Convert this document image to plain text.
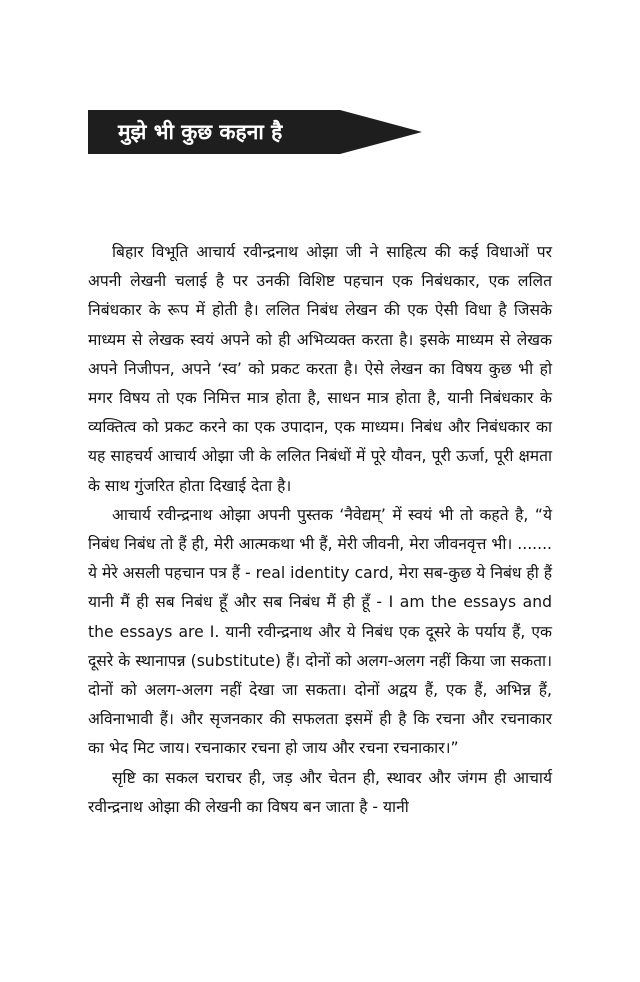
मुझे भी कुछ कहना है

बिहार विभूति आचार्य रवीन्द्रनाथ ओझा जी ने साहित्य की कई विधाओं पर अपनी लेखनी चलाई है पर उनकी विशिष्ट पहचान एक निबंधकार, एक ललित निबंधकार के रूप में होती है। ललित निबंध लेखन की एक ऐसी विधा है जिसके माध्यम से लेखक स्वयं अपने को ही अभिव्यक्त करता है। इसके माध्यम से लेखक अपने निजीपन, अपने ‘स्व’ को प्रकट करता है। ऐसे लेखन का विषय कुछ भी हो मगर विषय तो एक निमित्त मात्र होता है, साधन मात्र होता है, यानी निबंधकार के व्यक्तित्व को प्रकट करने का एक उपादान, एक माध्यम। निबंध और निबंधकार का यह साहचर्य आचार्य ओझा जी के ललित निबंधों में पूरे यौवन, पूरी ऊर्जा, पूरी क्षमता के साथ गुंजरित होता दिखाई देता है।

आचार्य रवीन्द्रनाथ ओझा अपनी पुस्तक ‘नैवेद्यम्’ में स्वयं भी तो कहते है, “ये निबंध निबंध तो हैं ही, मेरी आत्मकथा भी हैं, मेरी जीवनी, मेरा जीवनवृत्त भी। ....... ये मेरे असली पहचान पत्र हैं - real identity card, मेरा सब-कुछ ये निबंध ही हैं यानी मैं ही सब निबंध हूँ और सब निबंध मैं ही हूँ - I am the essays and the essays are I. यानी रवीन्द्रनाथ और ये निबंध एक दूसरे के पर्याय हैं, एक दूसरे के स्थानापन्न (substitute) हैं। दोनों को अलग-अलग नहीं किया जा सकता। दोनों को अलग-अलग नहीं देखा जा सकता। दोनों अद्वय हैं, एक हैं, अभिन्न हैं, अविनाभावी हैं। और सृजनकार की सफलता इसमें ही है कि रचना और रचनाकार का भेद मिट जाय। रचनाकार रचना हो जाय और रचना रचनाकार।”

सृष्टि का सकल चराचर ही, जड़ और चेतन ही, स्थावर और जंगम ही आचार्य रवीन्द्रनाथ ओझा की लेखनी का विषय बन जाता है - यानी
